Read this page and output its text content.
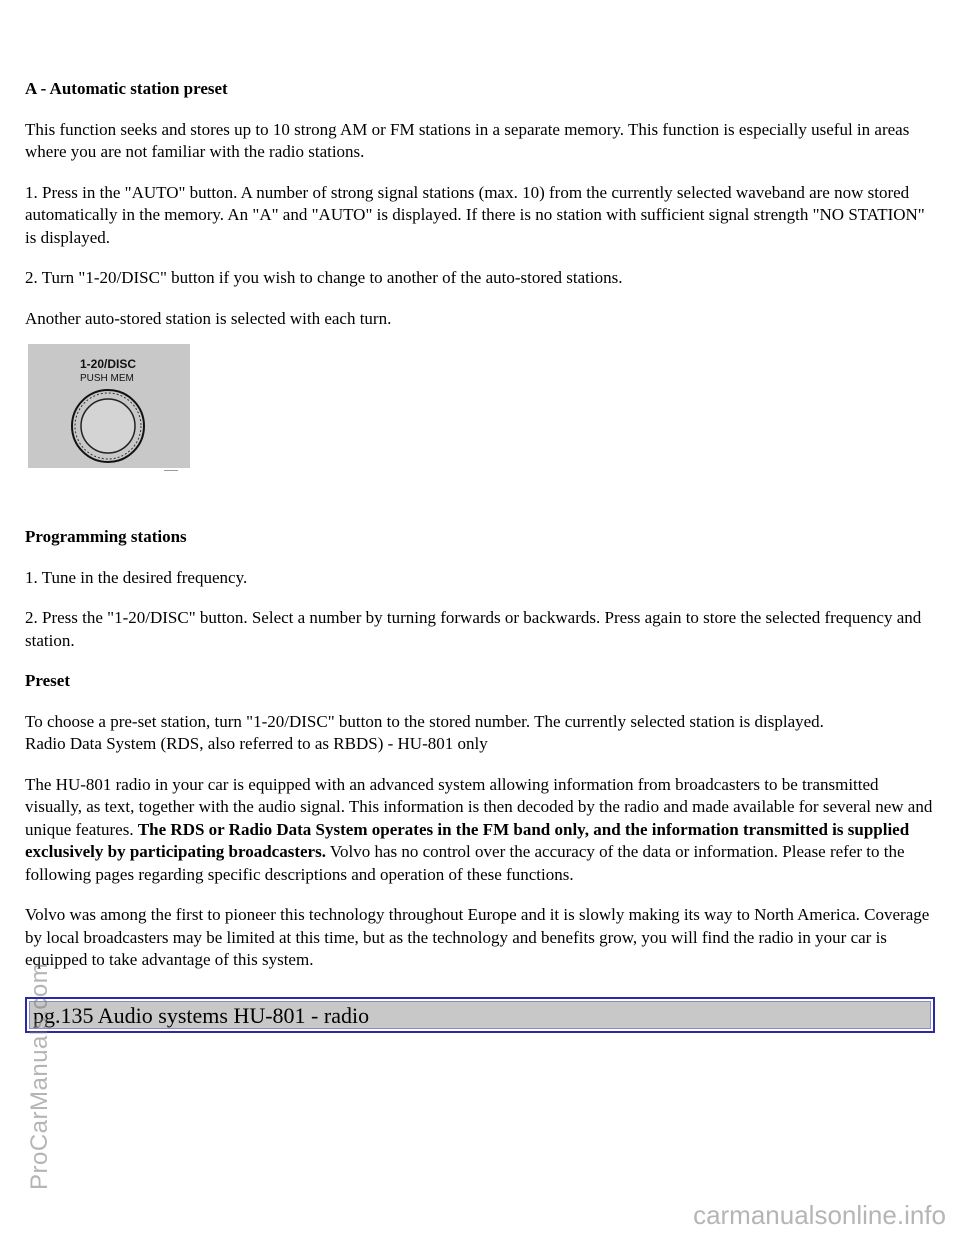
A - Automatic station preset

This function seeks and stores up to 10 strong AM or FM stations in a separate memory. This function is especially useful in areas where you are not familiar with the radio stations.

1. Press in the "AUTO" button. A number of strong signal stations (max. 10) from the currently selected waveband are now stored automatically in the memory. An "A" and "AUTO" is displayed. If there is no station with sufficient signal strength "NO STATION" is displayed.

2. Turn "1-20/DISC" button if you wish to change to another of the auto-stored stations.

Another auto-stored station is selected with each turn.

1-20/DISC
PUSH MEM
Programming stations

1. Tune in the desired frequency.

2. Press the "1-20/DISC" button. Select a number by turning forwards or backwards. Press again to store the selected frequency and station.

Preset

To choose a pre-set station, turn "1-20/DISC" button to the stored number. The currently selected station is displayed.
Radio Data System (RDS, also referred to as RBDS) - HU-801 only

The HU-801 radio in your car is equipped with an advanced system allowing information from broadcasters to be transmitted visually, as text, together with the audio signal. This information is then decoded by the radio and made available for several new and unique features. The RDS or Radio Data System operates in the FM band only, and the information transmitted is supplied exclusively by participating broadcasters. Volvo has no control over the accuracy of the data or information. Please refer to the following pages regarding specific descriptions and operation of these functions.

Volvo was among the first to pioneer this technology throughout Europe and it is slowly making its way to North America. Coverage by local broadcasters may be limited at this time, but as the technology and benefits grow, you will find the radio in your car is equipped to take advantage of this system.

pg.135 Audio systems HU-801 - radio
ProCarManuals.com
carmanualsonline.info
